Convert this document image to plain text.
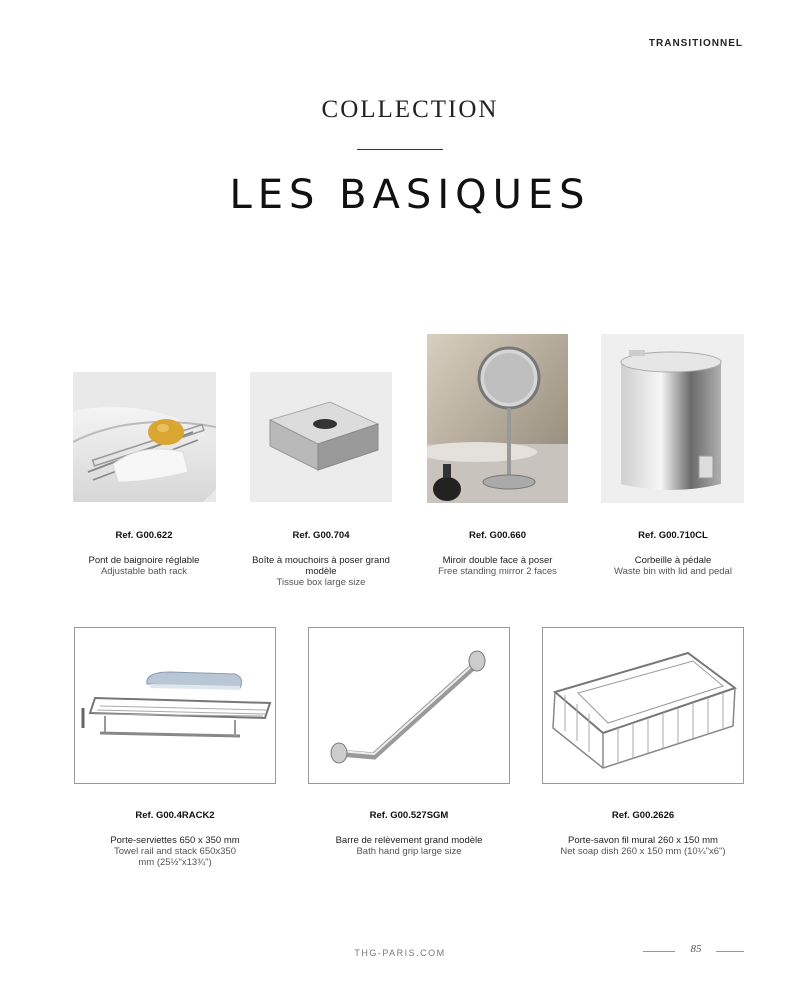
TRANSITIONNEL
COLLECTION
LES BASIQUES
Ref. G00.622
Pont de baignoire réglable
Adjustable bath rack
Ref. G00.704
Boîte à mouchoirs à poser grand modèle
Tissue box large size
Ref. G00.660
Miroir double face à poser
Free standing mirror 2 faces
Ref. G00.710CL
Corbeille à pédale
Waste bin with lid and pedal
Ref. G00.4RACK2
Porte-serviettes 650 x 350 mm
Towel rail and stack 650x350 mm (25½"x13¾")
Ref. G00.527SGM
Barre de relèvement grand modèle
Bath hand grip large size
Ref. G00.2626
Porte-savon fil mural 260 x 150 mm
Net soap dish 260 x 150 mm (10¼"x6")
THG-PARIS.COM	85
